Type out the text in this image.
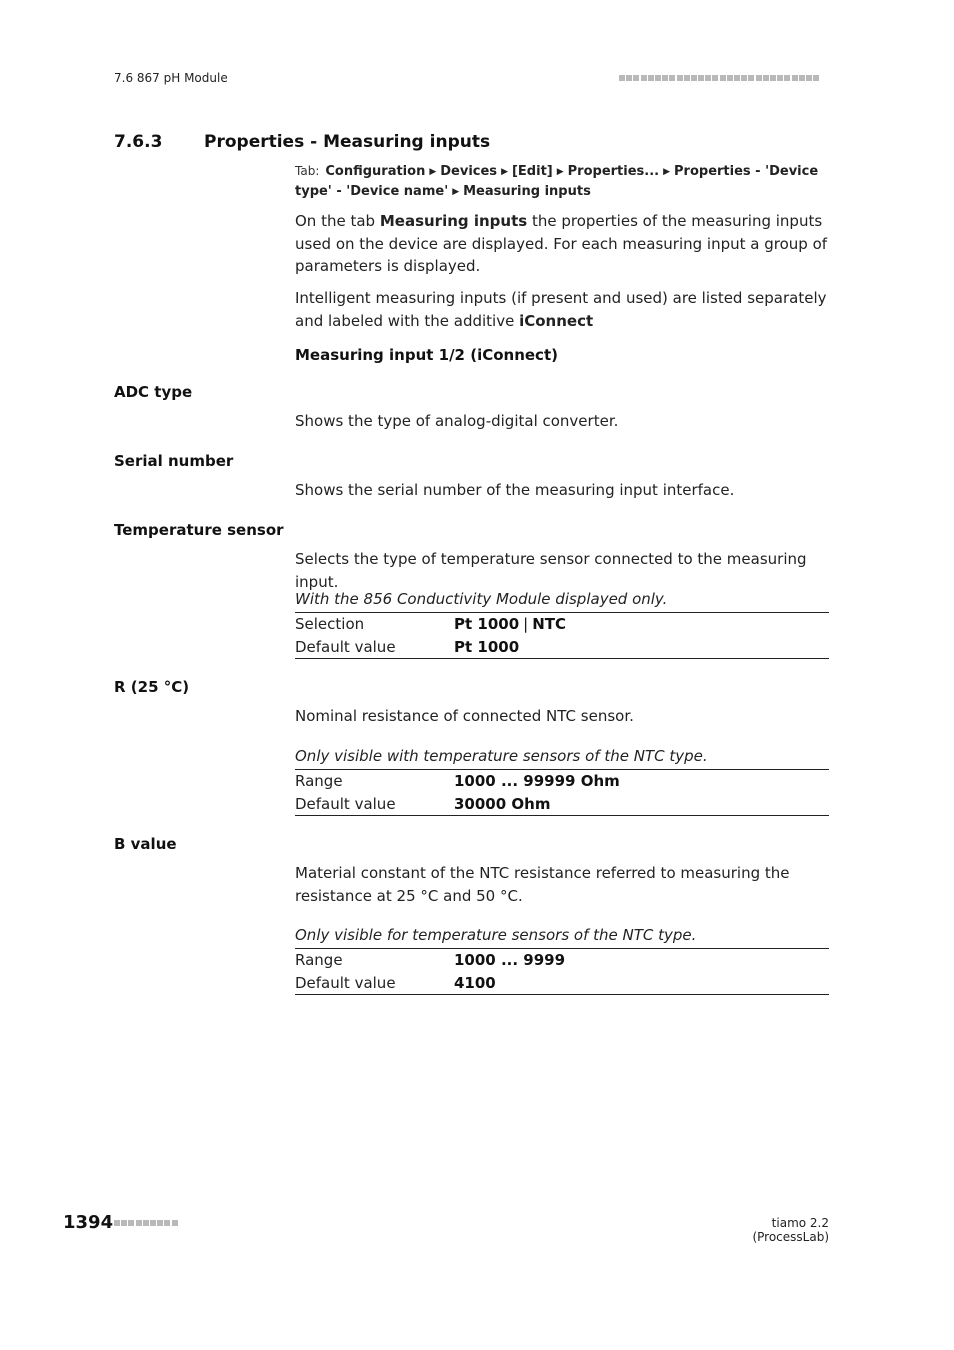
7.6 867 pH Module
7.6.3 Properties - Measuring inputs
Tab: Configuration ▶ Devices ▶ [Edit] ▶ Properties... ▶ Properties - 'Device type' - 'Device name' ▶ Measuring inputs
On the tab Measuring inputs the properties of the measuring inputs used on the device are displayed. For each measuring input a group of parameters is displayed.
Intelligent measuring inputs (if present and used) are listed separately and labeled with the additive iConnect
Measuring input 1/2 (iConnect)
ADC type
Shows the type of analog-digital converter.
Serial number
Shows the serial number of the measuring input interface.
Temperature sensor
Selects the type of temperature sensor connected to the measuring input.
With the 856 Conductivity Module displayed only.
Selection	Pt 1000 | NTC
Default value	Pt 1000
R (25 °C)
Nominal resistance of connected NTC sensor.
Only visible with temperature sensors of the NTC type.
Range	1000 ... 99999 Ohm
Default value	30000 Ohm
B value
Material constant of the NTC resistance referred to measuring the resistance at 25 °C and 50 °C.
Only visible for temperature sensors of the NTC type.
Range	1000 ... 9999
Default value	4100
1394	tiamo 2.2 (ProcessLab)
